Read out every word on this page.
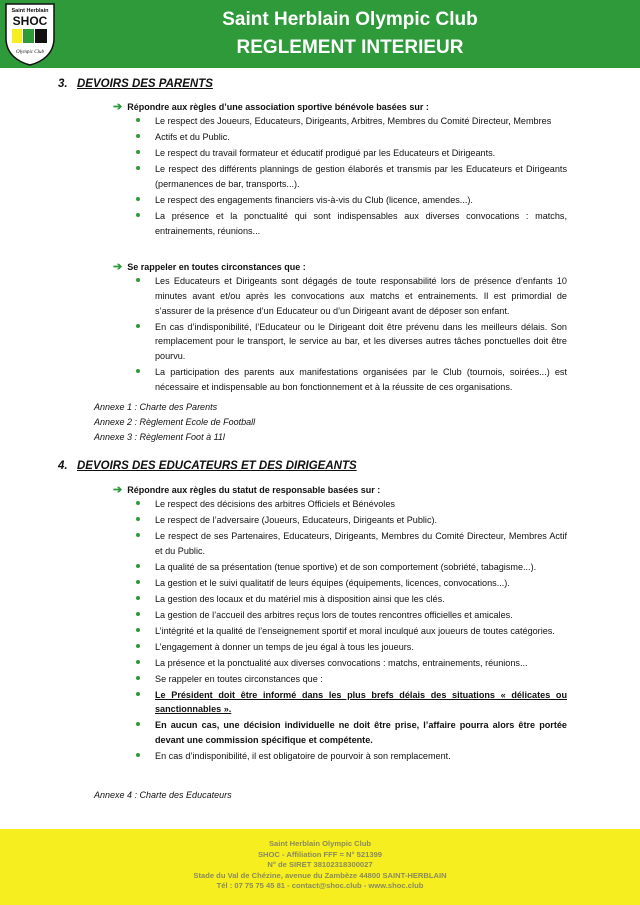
Saint Herblain
SHOC
Olympic Club
Saint Herblain Olympic Club
REGLEMENT INTERIEUR
3. DEVOIRS DES PARENTS
➔ Répondre aux règles d’une association sportive bénévole basées sur :
Le respect des Joueurs, Educateurs, Dirigeants, Arbitres, Membres du Comité Directeur, Membres
Actifs et du Public.
Le respect du travail formateur et éducatif prodigué par les Educateurs et Dirigeants.
Le respect des différents plannings de gestion élaborés et transmis par les Educateurs et Dirigeants (permanences de bar, transports...).
Le respect des engagements financiers vis-à-vis du Club (licence, amendes...).
La présence et la ponctualité qui sont indispensables aux diverses convocations : matchs, entrainements, réunions...
➔ Se rappeler en toutes circonstances que :
Les Educateurs et Dirigeants sont dégagés de toute responsabilité lors de présence d’enfants 10 minutes avant et/ou après les convocations aux matchs et entrainements. Il est primordial de s’assurer de la présence d’un Educateur ou d’un Dirigeant avant de déposer son enfant.
En cas d’indisponibilité, l’Educateur ou le Dirigeant doit être prévenu dans les meilleurs délais. Son remplacement pour le transport, le service au bar, et les diverses autres tâches ponctuelles doit être pourvu.
La participation des parents aux manifestations organisées par le Club (tournois, soirées...) est nécessaire et indispensable au bon fonctionnement et à la réussite de ces organisations.
Annexe 1 : Charte des Parents
Annexe 2 : Règlement Ecole de Football
Annexe 3 : Règlement Foot à 11l
4. DEVOIRS DES EDUCATEURS ET DES DIRIGEANTS
➔ Répondre aux règles du statut de responsable basées sur :
Le respect des décisions des arbitres Officiels et Bénévoles
Le respect de l’adversaire (Joueurs, Educateurs, Dirigeants et Public).
Le respect de ses Partenaires, Educateurs, Dirigeants, Membres du Comité Directeur, Membres Actif et du Public.
La qualité de sa présentation (tenue sportive) et de son comportement (sobriété, tabagisme...).
La gestion et le suivi qualitatif de leurs équipes (équipements, licences, convocations...).
La gestion des locaux et du matériel mis à disposition ainsi que les clés.
La gestion de l’accueil des arbitres reçus lors de toutes rencontres officielles et amicales.
L’intégrité et la qualité de l’enseignement sportif et moral inculqué aux joueurs de toutes catégories.
L’engagement à donner un temps de jeu égal à tous les joueurs.
La présence et la ponctualité aux diverses convocations : matchs, entrainements, réunions...
Se rappeler en toutes circonstances que :
Le Président doit être informé dans les plus brefs délais des situations « délicates ou sanctionnables ».
En aucun cas, une décision individuelle ne doit être prise, l’affaire pourra alors être portée devant une commission spécifique et compétente.
En cas d’indisponibilité, il est obligatoire de pourvoir à son remplacement.
Annexe 4 : Charte des Educateurs
Saint Herblain Olympic Club
SHOC - Affiliation FFF = N° 521399
N° de SIRET 38102318300027
Stade du Val de Chézine, avenue du Zambèze 44800 SAINT-HERBLAIN
Tél : 07 75 75 45 81 - contact@shoc.club - www.shoc.club
